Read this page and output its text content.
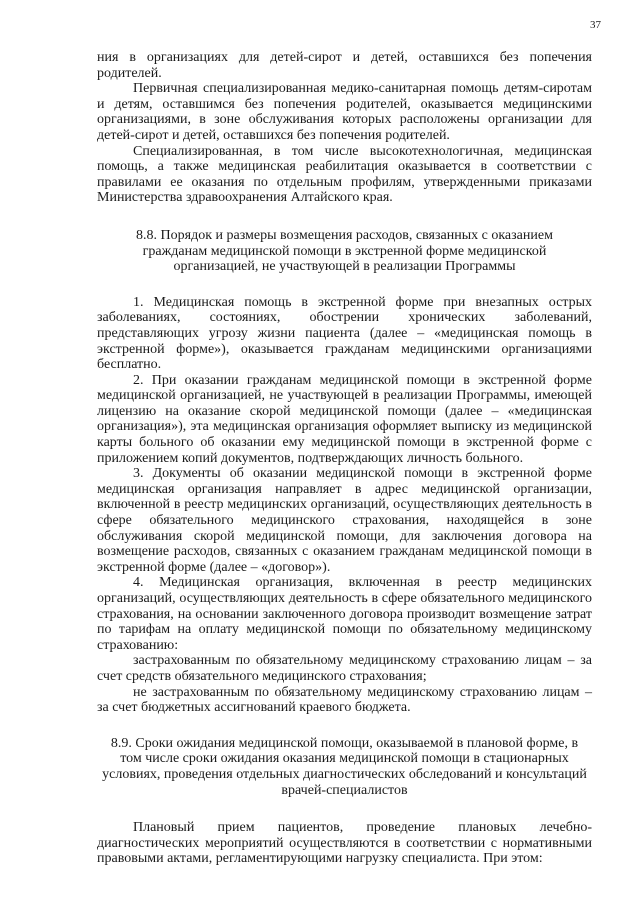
37

ния в организациях для детей-сирот и детей, оставшихся без попечения родителей.

Первичная специализированная медико-санитарная помощь детям-сиротам и детям, оставшимся без попечения родителей, оказывается медицинскими организациями, в зоне обслуживания которых расположены организации для детей-сирот и детей, оставшихся без попечения родителей.

Специализированная, в том числе высокотехнологичная, медицинская помощь, а также медицинская реабилитация оказывается в соответствии с правилами ее оказания по отдельным профилям, утвержденными приказами Министерства здравоохранения Алтайского края.

8.8. Порядок и размеры возмещения расходов, связанных с оказанием гражданам медицинской помощи в экстренной форме медицинской организацией, не участвующей в реализации Программы

1. Медицинская помощь в экстренной форме при внезапных острых заболеваниях, состояниях, обострении хронических заболеваний, представляющих угрозу жизни пациента (далее – «медицинская помощь в экстренной форме»), оказывается гражданам медицинскими организациями бесплатно.

2. При оказании гражданам медицинской помощи в экстренной форме медицинской организацией, не участвующей в реализации Программы, имеющей лицензию на оказание скорой медицинской помощи (далее – «медицинская организация»), эта медицинская организация оформляет выписку из медицинской карты больного об оказании ему медицинской помощи в экстренной форме с приложением копий документов, подтверждающих личность больного.

3. Документы об оказании медицинской помощи в экстренной форме медицинская организация направляет в адрес медицинской организации, включенной в реестр медицинских организаций, осуществляющих деятельность в сфере обязательного медицинского страхования, находящейся в зоне обслуживания скорой медицинской помощи, для заключения договора на возмещение расходов, связанных с оказанием гражданам медицинской помощи в экстренной форме (далее – «договор»).

4. Медицинская организация, включенная в реестр медицинских организаций, осуществляющих деятельность в сфере обязательного медицинского страхования, на основании заключенного договора производит возмещение затрат по тарифам на оплату медицинской помощи по обязательному медицинскому страхованию:

застрахованным по обязательному медицинскому страхованию лицам – за счет средств обязательного медицинского страхования;

не застрахованным по обязательному медицинскому страхованию лицам – за счет бюджетных ассигнований краевого бюджета.

8.9. Сроки ожидания медицинской помощи, оказываемой в плановой форме, в том числе сроки ожидания оказания медицинской помощи в стационарных условиях, проведения отдельных диагностических обследований и консультаций врачей-специалистов

Плановый прием пациентов, проведение плановых лечебно-диагностических мероприятий осуществляются в соответствии с нормативными правовыми актами, регламентирующими нагрузку специалиста. При этом:
